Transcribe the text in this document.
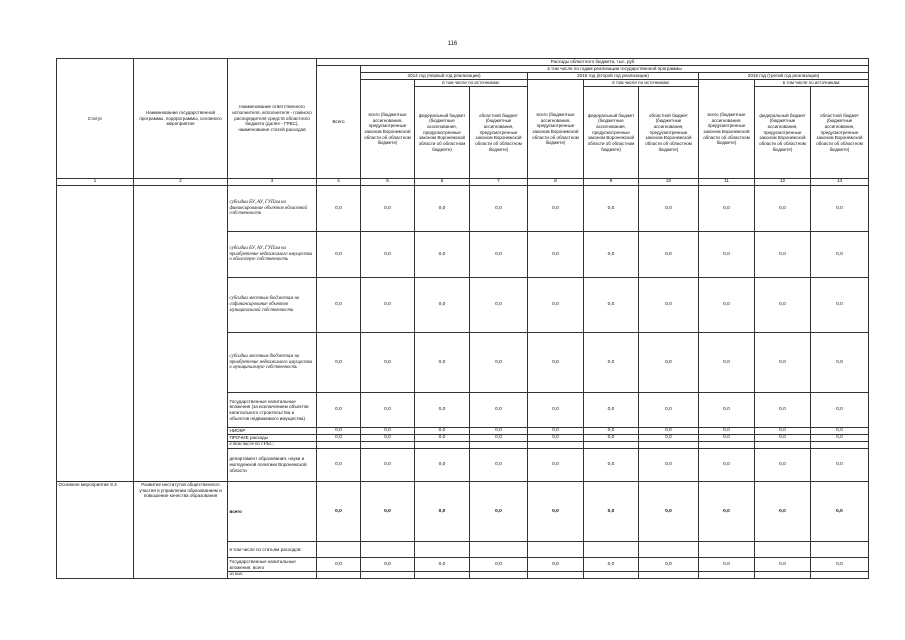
116
Статус	Наименование государственной программы, подпрограммы, основного мероприятия	Наименование ответственного исполнителя, исполнителя - главного распорядителя средств областного бюджета (далее - ГРБС), наименование статей расходов	Расходы областного бюджета, тыс. руб									
			Всего	в том числе по годам реализации государственной программы								
				2014 год (первый год реализации)			2015 год (второй год реализации)			2016 год (третий год реализации)		
				всего (бюджетные ассигнования, предусмотренные законом Воронежской области об областном бюджете)	в том числе по источникам:		всего (бюджетные ассигнования, предусмотренные законом Воронежской области об областном бюджете)	в том числе по источникам:		всего (бюджетные ассигнования, предусмотренные законом Воронежской области об областном бюджете)	в том числе по источникам:	
					федеральный бюджет (бюджетные ассигнования, предусмотренные законом Воронежской области об областном бюджете)	областной бюджет (бюджетные ассигнования, предусмотренные законом Воронежской области об областном бюджете)		федеральный бюджет (бюджетные ассигнования, предусмотренные законом Воронежской области об областном бюджете)	областной бюджет (бюджетные ассигнования, предусмотренные законом Воронежской области об областном бюджете)		федеральный бюджет (бюджетные ассигнования, предусмотренные законом Воронежской области об областном бюджете)	областной бюджет (бюджетные ассигнования, предусмотренные законом Воронежской области об областном бюджете)
1	2	3	4	5	6	7	8	9	10	11	12	13
		субсидии БУ, АУ, ГУПам на финансирование объектов областной собственности	0,0	0,0	0,0	0,0	0,0	0,0	0,0	0,0	0,0	0,0
		субсидии БУ, АУ, ГУПам на приобретение недвижимого имущества в областную собственность	0,0	0,0	0,0	0,0	0,0	0,0	0,0	0,0	0,0	0,0
		субсидии местным бюджетам на софинансирование объектов муниципальной собственности	0,0	0,0	0,0	0,0	0,0	0,0	0,0	0,0	0,0	0,0
		субсидии местным бюджетам на приобретение недвижимого имущества в муниципальную собственность	0,0	0,0	0,0	0,0	0,0	0,0	0,0	0,0	0,0	0,0
		Государственные капитальные вложения (за исключением объектов капитального строительства и объектов недвижимого имущества)	0,0	0,0	0,0	0,0	0,0	0,0	0,0	0,0	0,0	0,0
		НИОКР	0,0	0,0	0,0	0,0	0,0	0,0	0,0	0,0	0,0	0,0
		ПРОЧИЕ расходы	0,0	0,0	0,0	0,0	0,0	0,0	0,0	0,0	0,0	0,0
		в том числе по ГРБС:										
		департамент образования, науки и молодежной политики Воронежской области	0,0	0,0	0,0	0,0	0,0	0,0	0,0	0,0	0,0	0,0
Основное мероприятие 9.3	Развитие институтов общественного участия в управлении образованием и повышение качества образования	всего	0,0	0,0	0,0	0,0	0,0	0,0	0,0	0,0	0,0	0,0
		в том числе по статьям расходов:										
		Государственные капитальные вложения, всего	0,0	0,0	0,0	0,0	0,0	0,0	0,0	0,0	0,0	0,0
		из них:										
